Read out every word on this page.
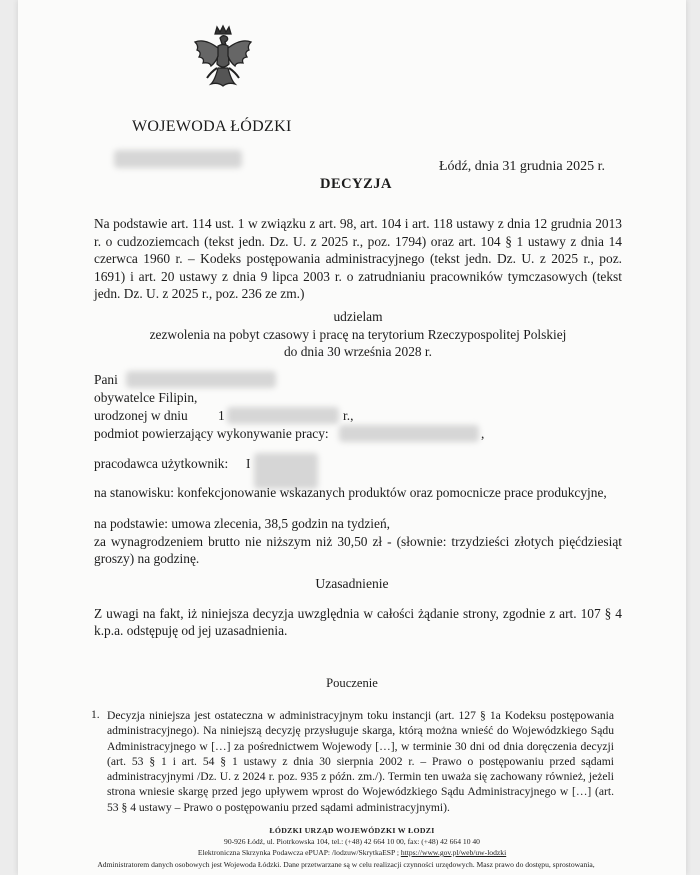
WOJEWODA ŁÓDZKI
Łódź, dnia 31 grudnia 2025 r.
DECYZJA
Na podstawie art. 114 ust. 1 w związku z art. 98, art. 104 i art. 118 ustawy z dnia 12 grudnia 2013 r. o cudzoziemcach (tekst jedn. Dz. U. z 2025 r., poz. 1794) oraz art. 104 § 1 ustawy z dnia 14 czerwca 1960 r. – Kodeks postępowania administracyjnego (tekst jedn. Dz. U. z 2025 r., poz. 1691) i art. 20 ustawy z dnia 9 lipca 2003 r. o zatrudnianiu pracowników tymczasowych (tekst jedn. Dz. U. z 2025 r., poz. 236 ze zm.)
udzielam
zezwolenia na pobyt czasowy i pracę na terytorium Rzeczypospolitej Polskiej
do dnia 30 września 2028 r.
Pani
obywatelce Filipin,
urodzonej w dniu 1	r.,
podmiot powierzający wykonywanie pracy:	,
pracodawca użytkownik: I
na stanowisku: konfekcjonowanie wskazanych produktów oraz pomocnicze prace produkcyjne,
na podstawie: umowa zlecenia, 38,5 godzin na tydzień,
za wynagrodzeniem brutto nie niższym niż 30,50 zł - (słownie: trzydzieści złotych pięćdziesiąt groszy) na godzinę.
Uzasadnienie
Z uwagi na fakt, iż niniejsza decyzja uwzględnia w całości żądanie strony, zgodnie z art. 107 § 4 k.p.a. odstępuję od jej uzasadnienia.
Pouczenie
1. Decyzja niniejsza jest ostateczna w administracyjnym toku instancji (art. 127 § 1a Kodeksu postępowania administracyjnego). Na niniejszą decyzję przysługuje skarga, którą można wnieść do Wojewódzkiego Sądu Administracyjnego w […] za pośrednictwem Wojewody […], w terminie 30 dni od dnia doręczenia decyzji (art. 53 § 1 i art. 54 § 1 ustawy z dnia 30 sierpnia 2002 r. – Prawo o postępowaniu przed sądami administracyjnymi /Dz. U. z 2024 r. poz. 935 z późn. zm./). Termin ten uważa się zachowany również, jeżeli strona wniesie skargę przed jego upływem wprost do Wojewódzkiego Sądu Administracyjnego w […] (art. 53 § 4 ustawy – Prawo o postępowaniu przed sądami administracyjnymi).
ŁÓDZKI URZĄD WOJEWÓDZKI W ŁODZI
90-926 Łódź, ul. Piotrkowska 104, tel.: (+48) 42 664 10 00, fax: (+48) 42 664 10 40
Elektroniczna Skrzynka Podawcza ePUAP: /lodzuw/SkrytkaESP ; https://www.gov.pl/web/uw-lodzki
Administratorem danych osobowych jest Wojewoda Łódzki. Dane przetwarzane są w celu realizacji czynności urzędowych. Masz prawo do dostępu, sprostowania,
